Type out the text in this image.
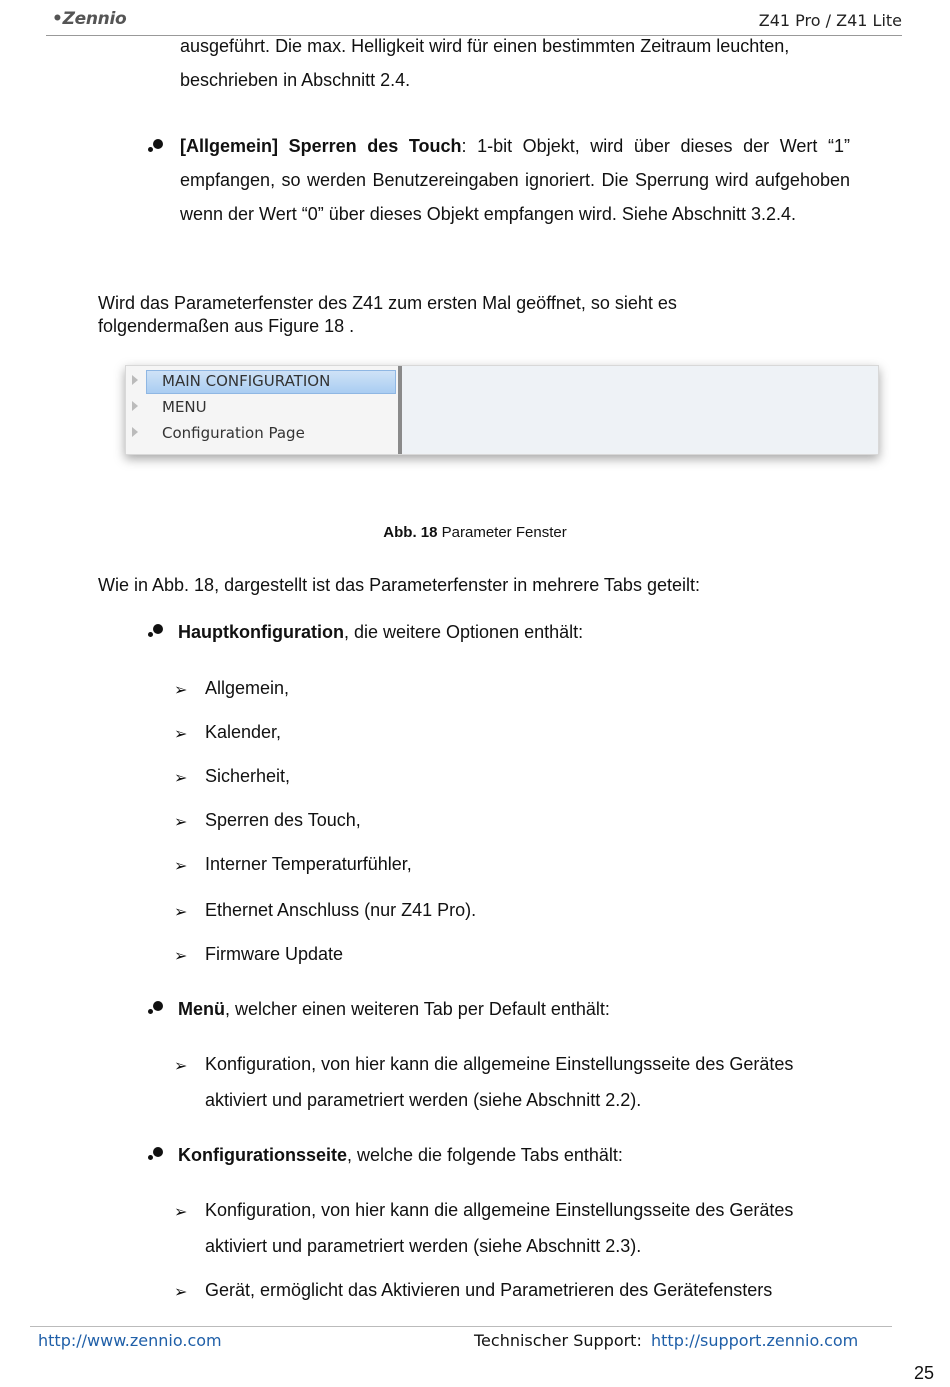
•Zennio	Z41 Pro / Z41 Lite
ausgeführt. Die max. Helligkeit wird für einen bestimmten Zeitraum leuchten,
beschrieben in Abschnitt 2.4.
[Allgemein] Sperren des Touch: 1-bit Objekt, wird über dieses der Wert “1” empfangen, so werden Benutzereingaben ignoriert. Die Sperrung wird aufgehoben wenn der Wert “0” über dieses Objekt empfangen wird. Siehe Abschnitt 3.2.4.
Wird das Parameterfenster des Z41 zum ersten Mal geöffnet, so sieht es
folgendermaßen aus Figure 18 .
MAIN CONFIGURATION
MENU
Configuration Page
Abb. 18 Parameter Fenster
Wie in Abb. 18, dargestellt ist das Parameterfenster in mehrere Tabs geteilt:
Hauptkonfiguration, die weitere Optionen enthält:
➢ Allgemein,
➢ Kalender,
➢ Sicherheit,
➢ Sperren des Touch,
➢ Interner Temperaturfühler,
➢ Ethernet Anschluss (nur Z41 Pro).
➢ Firmware Update
Menü, welcher einen weiteren Tab per Default enthält:
➢ Konfiguration, von hier kann die allgemeine Einstellungsseite des Gerätes
aktiviert und parametriert werden (siehe Abschnitt 2.2).
Konfigurationsseite, welche die folgende Tabs enthält:
➢ Konfiguration, von hier kann die allgemeine Einstellungsseite des Gerätes
aktiviert und parametriert werden (siehe Abschnitt 2.3).
➢ Gerät, ermöglicht das Aktivieren und Parametrieren des Gerätefensters
http://www.zennio.com	Technischer Support: http://support.zennio.com
25
